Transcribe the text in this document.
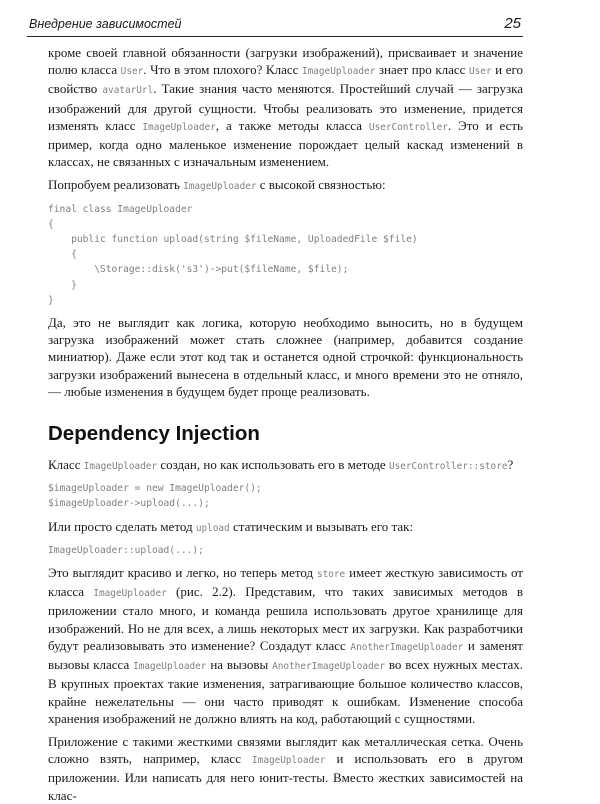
Внедрение зависимостей	25

кроме своей главной обязанности (загрузки изображений), присваивает и значение полю класса User. Что в этом плохого? Класс ImageUploader знает про класс User и его свойство avatarUrl. Такие знания часто меняются. Простейший случай — загрузка изображений для другой сущности. Чтобы реализовать это изменение, придется изменять класс ImageUploader, а также методы класса UserController. Это и есть пример, когда одно маленькое изменение порождает целый каскад изменений в классах, не связанных с изначальным изменением.

Попробуем реализовать ImageUploader с высокой связностью:

final class ImageUploader
{
public function upload(string $fileName, UploadedFile $file)
{
\Storage::disk('s3')->put($fileName, $file);
}
}

Да, это не выглядит как логика, которую необходимо выносить, но в будущем загрузка изображений может стать сложнее (например, добавится создание миниатюр). Даже если этот код так и останется одной строчкой: функциональность загрузки изображений вынесена в отдельный класс, и много времени это не отняло, — любые изменения в будущем будет проще реализовать.

Dependency Injection

Класс ImageUploader создан, но как использовать его в методе UserController::store?

$imageUploader = new ImageUploader();
$imageUploader->upload(...);

Или просто сделать метод upload статическим и вызывать его так:

ImageUploader::upload(...);

Это выглядит красиво и легко, но теперь метод store имеет жесткую зависимость от класса ImageUploader (рис. 2.2). Представим, что таких зависимых методов в приложении стало много, и команда решила использовать другое хранилище для изображений. Но не для всех, а лишь некоторых мест их загрузки. Как разработчики будут реализовывать это изменение? Создадут класс AnotherImageUploader и заменят вызовы класса ImageUploader на вызовы AnotherImageUploader во всех нужных местах. В крупных проектах такие изменения, затрагивающие большое количество классов, крайне нежелательны — они часто приводят к ошибкам. Изменение способа хранения изображений не должно влиять на код, работающий с сущностями.

Приложение с такими жесткими связями выглядит как металлическая сетка. Очень сложно взять, например, класс ImageUploader и использовать его в другом приложении. Или написать для него юнит-тесты. Вместо жестких зависимостей на клас-
